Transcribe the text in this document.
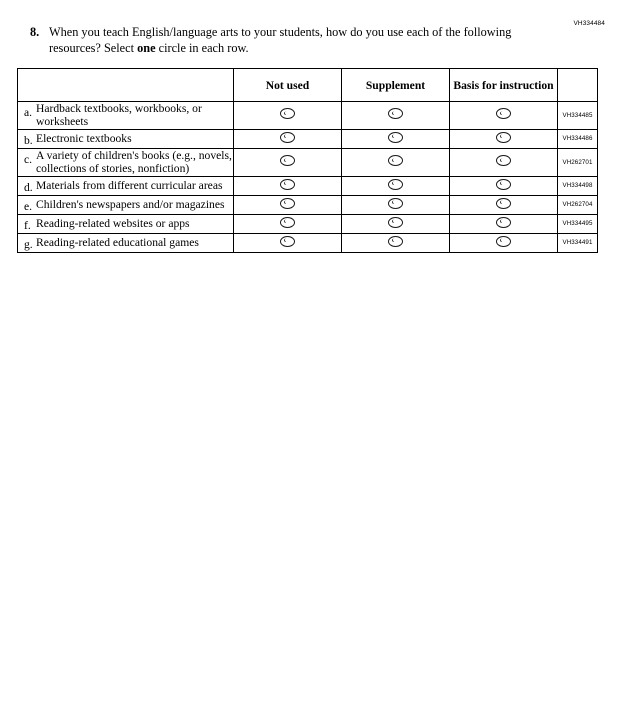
VH334484
8. When you teach English/language arts to your students, how do you use each of the following resources? Select one circle in each row.
	Not used	Supplement	Basis for instruction	

a. Hardback textbooks, workbooks, or worksheets				VH334485

b. Electronic textbooks				VH334486

c. A variety of children's books (e.g., novels, collections of stories, nonfiction)				VH262701

d. Materials from different curricular areas				VH334498

e. Children's newspapers and/or magazines				VH262704

f. Reading-related websites or apps				VH334495

g. Reading-related educational games				VH334491
